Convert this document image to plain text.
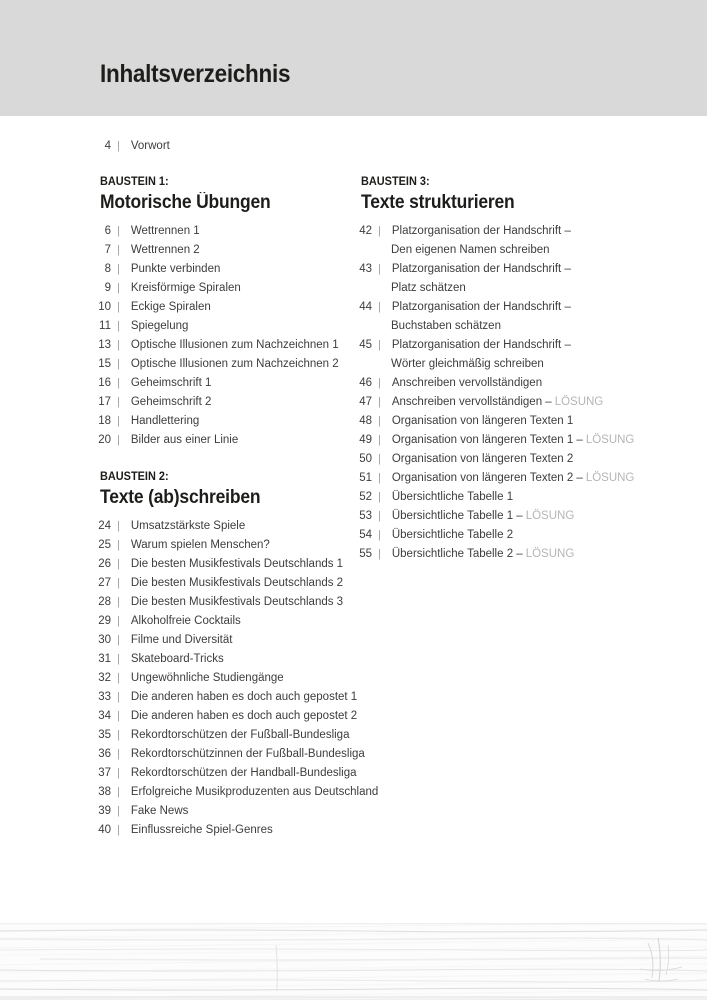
Inhaltsverzeichnis
4 | Vorwort
BAUSTEIN 1:
Motorische Übungen
6 | Wettrennen 1
7 | Wettrennen 2
8 | Punkte verbinden
9 | Kreisförmige Spiralen
10 | Eckige Spiralen
11 | Spiegelung
13 | Optische Illusionen zum Nachzeichnen 1
15 | Optische Illusionen zum Nachzeichnen 2
16 | Geheimschrift 1
17 | Geheimschrift 2
18 | Handlettering
20 | Bilder aus einer Linie
BAUSTEIN 2:
Texte (ab)schreiben
24 | Umsatzstärkste Spiele
25 | Warum spielen Menschen?
26 | Die besten Musikfestivals Deutschlands 1
27 | Die besten Musikfestivals Deutschlands 2
28 | Die besten Musikfestivals Deutschlands 3
29 | Alkoholfreie Cocktails
30 | Filme und Diversität
31 | Skateboard-Tricks
32 | Ungewöhnliche Studiengänge
33 | Die anderen haben es doch auch gepostet 1
34 | Die anderen haben es doch auch gepostet 2
35 | Rekordtorschützen der Fußball-Bundesliga
36 | Rekordtorschützinnen der Fußball-Bundesliga
37 | Rekordtorschützen der Handball-Bundesliga
38 | Erfolgreiche Musikproduzenten aus Deutschland
39 | Fake News
40 | Einflussreiche Spiel-Genres
BAUSTEIN 3:
Texte strukturieren
42 | Platzorganisation der Handschrift –
Den eigenen Namen schreiben
43 | Platzorganisation der Handschrift –
Platz schätzen
44 | Platzorganisation der Handschrift –
Buchstaben schätzen
45 | Platzorganisation der Handschrift –
Wörter gleichmäßig schreiben
46 | Anschreiben vervollständigen
47 | Anschreiben vervollständigen – LÖSUNG
48 | Organisation von längeren Texten 1
49 | Organisation von längeren Texten 1 – LÖSUNG
50 | Organisation von längeren Texten 2
51 | Organisation von längeren Texten 2 – LÖSUNG
52 | Übersichtliche Tabelle 1
53 | Übersichtliche Tabelle 1 – LÖSUNG
54 | Übersichtliche Tabelle 2
55 | Übersichtliche Tabelle 2 – LÖSUNG
